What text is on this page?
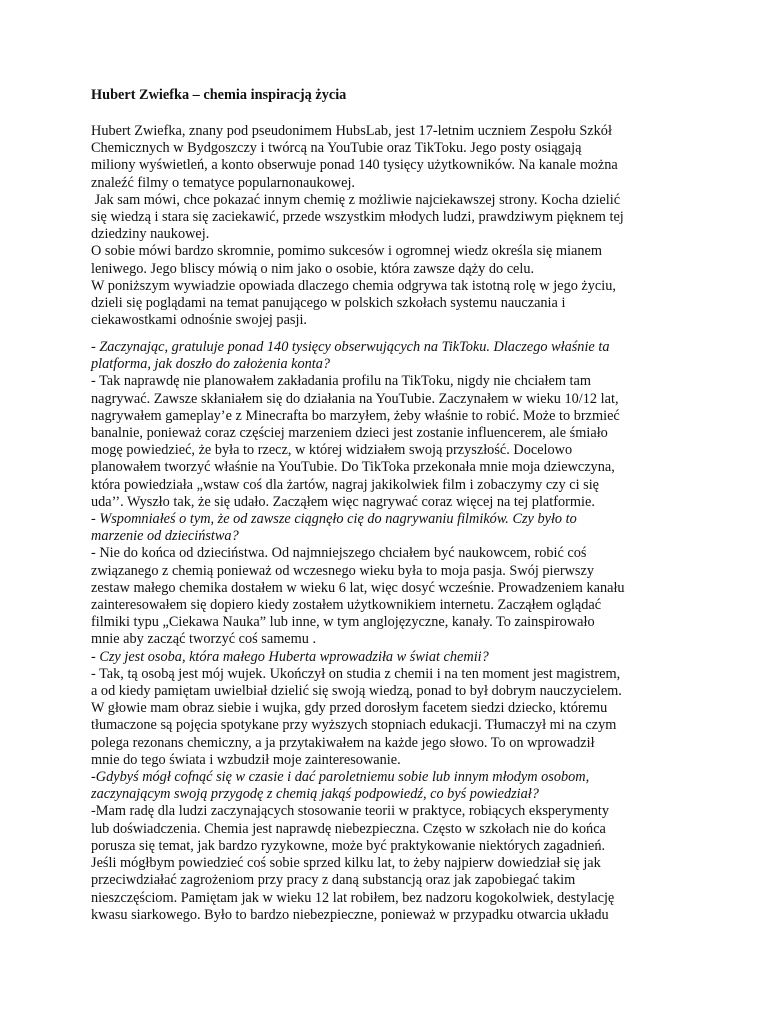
Hubert Zwiefka – chemia inspiracją życia
Hubert Zwiefka, znany pod pseudonimem HubsLab, jest 17-letnim uczniem Zespołu Szkół
Chemicznych w Bydgoszczy i twórcą na YouTubie oraz TikToku. Jego posty osiągają
miliony wyświetleń, a konto obserwuje ponad 140 tysięcy użytkowników. Na kanale można
znaleźć filmy o tematyce popularnonaukowej.
Jak sam mówi, chce pokazać innym chemię z możliwie najciekawszej strony. Kocha dzielić
się wiedzą i stara się zaciekawić, przede wszystkim młodych ludzi, prawdziwym pięknem tej
dziedziny naukowej.
O sobie mówi bardzo skromnie, pomimo sukcesów i ogromnej wiedz określa się mianem
leniwego. Jego bliscy mówią o nim jako o osobie, która zawsze dąży do celu.
W poniższym wywiadzie opowiada dlaczego chemia odgrywa tak istotną rolę w jego życiu,
dzieli się poglądami na temat panującego w polskich szkołach systemu nauczania i
ciekawostkami odnośnie swojej pasji.
- Zaczynając, gratuluje ponad 140 tysięcy obserwujących na TikToku. Dlaczego właśnie ta
platforma, jak doszło do założenia konta?
- Tak naprawdę nie planowałem zakładania profilu na TikToku, nigdy nie chciałem tam
nagrywać. Zawsze skłaniałem się do działania na YouTubie. Zaczynałem w wieku 10/12 lat,
nagrywałem gameplay’e z Minecrafta bo marzyłem, żeby właśnie to robić. Może to brzmieć
banalnie, ponieważ coraz częściej marzeniem dzieci jest zostanie influencerem, ale śmiało
mogę powiedzieć, że była to rzecz, w której widziałem swoją przyszłość. Docelowo
planowałem tworzyć właśnie na YouTubie. Do TikToka przekonała mnie moja dziewczyna,
która powiedziała „wstaw coś dla żartów, nagraj jakikolwiek film i zobaczymy czy ci się
uda’’. Wyszło tak, że się udało. Zacząłem więc nagrywać coraz więcej na tej platformie.
- Wspomniałeś o tym, że od zawsze ciągnęło cię do nagrywaniu filmików. Czy było to
marzenie od dzieciństwa?
- Nie do końca od dzieciństwa. Od najmniejszego chciałem być naukowcem, robić coś
związanego z chemią ponieważ od wczesnego wieku była to moja pasja. Swój pierwszy
zestaw małego chemika dostałem w wieku 6 lat, więc dosyć wcześnie. Prowadzeniem kanału
zainteresowałem się dopiero kiedy zostałem użytkownikiem internetu. Zacząłem oglądać
filmiki typu „Ciekawa Nauka” lub inne, w tym anglojęzyczne, kanały. To zainspirowało
mnie aby zacząć tworzyć coś samemu .
- Czy jest osoba, która małego Huberta wprowadziła w świat chemii?
- Tak, tą osobą jest mój wujek. Ukończył on studia z chemii i na ten moment jest magistrem,
a od kiedy pamiętam uwielbiał dzielić się swoją wiedzą, ponad to był dobrym nauczycielem.
W głowie mam obraz siebie i wujka, gdy przed dorosłym facetem siedzi dziecko, któremu
tłumaczone są pojęcia spotykane przy wyższych stopniach edukacji. Tłumaczył mi na czym
polega rezonans chemiczny, a ja przytakiwałem na każde jego słowo. To on wprowadził
mnie do tego świata i wzbudził moje zainteresowanie.
-Gdybyś mógł cofnąć się w czasie i dać paroletniemu sobie lub innym młodym osobom,
zaczynającym swoją przygodę z chemią jakąś podpowiedź, co byś powiedział?
-Mam radę dla ludzi zaczynających stosowanie teorii w praktyce, robiących eksperymenty
lub doświadczenia. Chemia jest naprawdę niebezpieczna. Często w szkołach nie do końca
porusza się temat, jak bardzo ryzykowne, może być praktykowanie niektórych zagadnień.
Jeśli mógłbym powiedzieć coś sobie sprzed kilku lat, to żeby najpierw dowiedział się jak
przeciwdziałać zagrożeniom przy pracy z daną substancją oraz jak zapobiegać takim
nieszczęściom. Pamiętam jak w wieku 12 lat robiłem, bez nadzoru kogokolwiek, destylację
kwasu siarkowego. Było to bardzo niebezpieczne, ponieważ w przypadku otwarcia układu
